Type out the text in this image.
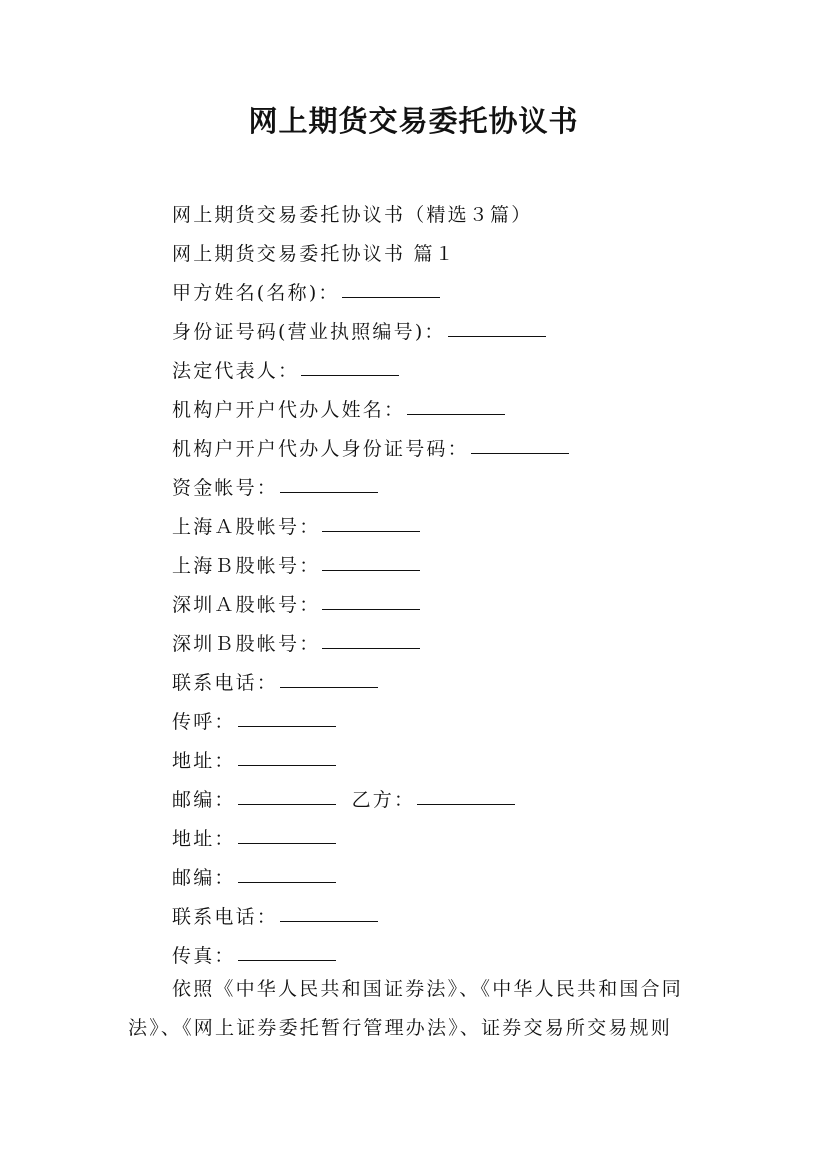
网上期货交易委托协议书
网上期货交易委托协议书（精选３篇）
网上期货交易委托协议书 篇１
甲方姓名(名称)：
身份证号码(营业执照编号)：
法定代表人：
机构户开户代办人姓名：
机构户开户代办人身份证号码：
资金帐号：
上海Ａ股帐号：
上海Ｂ股帐号：
深圳Ａ股帐号：
深圳Ｂ股帐号：
联系电话：
传呼：
地址：
邮编：	乙方：
地址：
邮编：
联系电话：
传真：
依照《中华人民共和国证券法》、《中华人民共和国合同
法》、《网上证券委托暂行管理办法》、证券交易所交易规则
